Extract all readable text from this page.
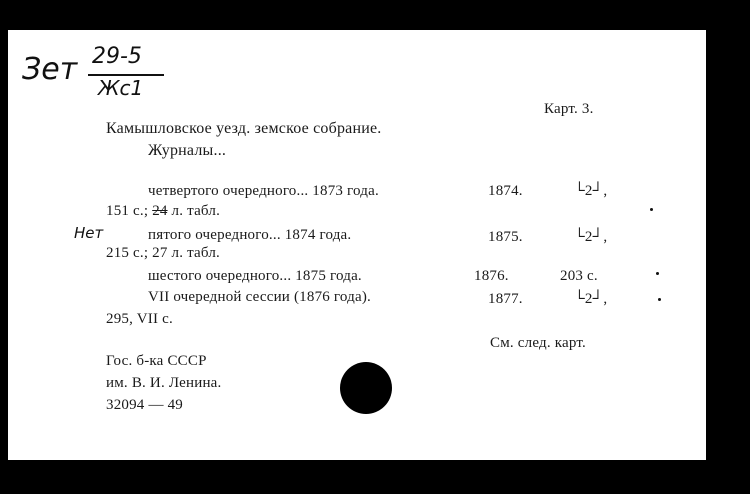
Зет 29-5
Жс1
Карт. 3.
Камышловское уезд. земское собрание.
Журналы...
четвертого очередного... 1873 года.	1874.	└2┘,
151 с.; 24 л. табл.
Нет	пятого очередного... 1874 года.	1875.	└2┘,
215 с.; 27 л. табл.
шестого очередного... 1875 года.	1876.	203 с.
VII очередной сессии (1876 года).	1877.	└2┘,
295, VII с.
См. след. карт.
Гос. б-ка СССР
им. В. И. Ленина.
32094 — 49
